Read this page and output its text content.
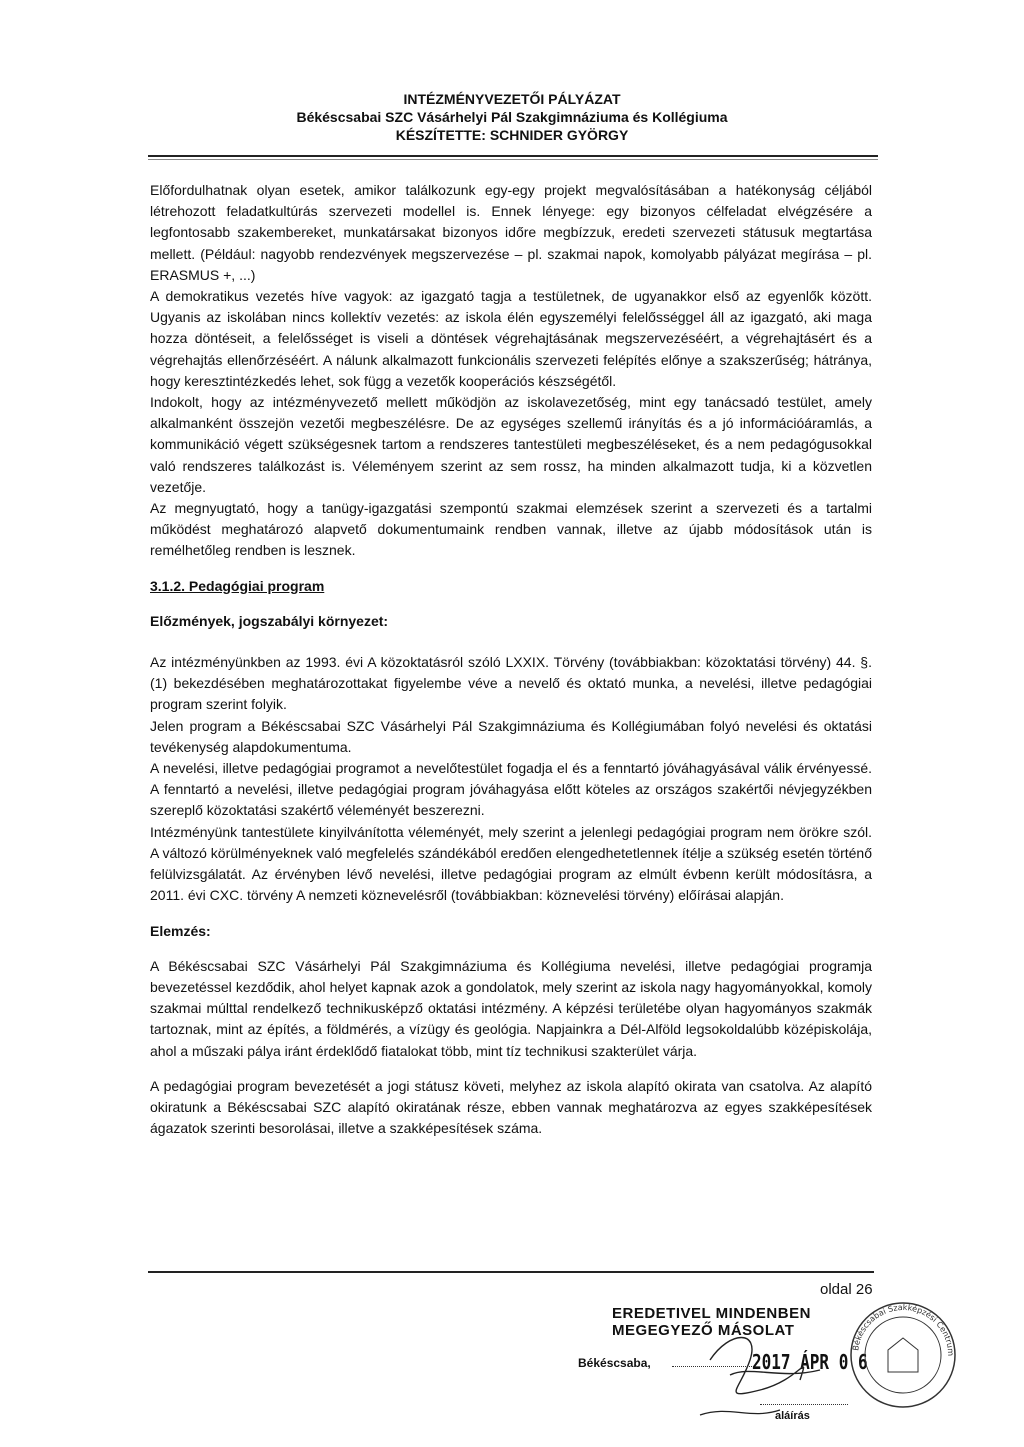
INTÉZMÉNYVEZETŐI PÁLYÁZAT
Békéscsabai SZC Vásárhelyi Pál Szakgimnáziuma és Kollégiuma
KÉSZÍTETTE: SCHNIDER GYÖRGY

Előfordulhatnak olyan esetek, amikor találkozunk egy-egy projekt megvalósításában a hatékonyság céljából létrehozott feladatkultúrás szervezeti modellel is. Ennek lényege: egy bizonyos célfeladat elvégzésére a legfontosabb szakembereket, munkatársakat bizonyos időre megbízzuk, eredeti szervezeti státusuk megtartása mellett. (Például: nagyobb rendezvények megszervezése – pl. szakmai napok, komolyabb pályázat megírása – pl. ERASMUS +, ...)

A demokratikus vezetés híve vagyok: az igazgató tagja a testületnek, de ugyanakkor első az egyenlők között. Ugyanis az iskolában nincs kollektív vezetés: az iskola élén egyszemélyi felelősséggel áll az igazgató, aki maga hozza döntéseit, a felelősséget is viseli a döntések végrehajtásának megszervezéséért, a végrehajtásért és a végrehajtás ellenőrzéséért. A nálunk alkalmazott funkcionális szervezeti felépítés előnye a szakszerűség; hátránya, hogy keresztintézkedés lehet, sok függ a vezetők kooperációs készségétől.

Indokolt, hogy az intézményvezető mellett működjön az iskolavezetőség, mint egy tanácsadó testület, amely alkalmanként összejön vezetői megbeszélésre. De az egységes szellemű irányítás és a jó információáramlás, a kommunikáció végett szükségesnek tartom a rendszeres tantestületi megbeszéléseket, és a nem pedagógusokkal való rendszeres találkozást is. Véleményem szerint az sem rossz, ha minden alkalmazott tudja, ki a közvetlen vezetője.

Az megnyugtató, hogy a tanügy-igazgatási szempontú szakmai elemzések szerint a szervezeti és a tartalmi működést meghatározó alapvető dokumentumaink rendben vannak, illetve az újabb módosítások után is remélhetőleg rendben is lesznek.

3.1.2. Pedagógiai program

Előzmények, jogszabályi környezet:

Az intézményünkben az 1993. évi A közoktatásról szóló LXXIX. Törvény (továbbiakban: közoktatási törvény) 44. §. (1) bekezdésében meghatározottakat figyelembe véve a nevelő és oktató munka, a nevelési, illetve pedagógiai program szerint folyik.

Jelen program a Békéscsabai SZC Vásárhelyi Pál Szakgimnáziuma és Kollégiumában folyó nevelési és oktatási tevékenység alapdokumentuma.

A nevelési, illetve pedagógiai programot a nevelőtestület fogadja el és a fenntartó jóváhagyásával válik érvényessé. A fenntartó a nevelési, illetve pedagógiai program jóváhagyása előtt köteles az országos szakértői névjegyzékben szereplő közoktatási szakértő véleményét beszerezni.

Intézményünk tantestülete kinyilvánította véleményét, mely szerint a jelenlegi pedagógiai program nem örökre szól. A változó körülményeknek való megfelelés szándékából eredően elengedhetetlennek ítélje a szükség esetén történő felülvizsgálatát. Az érvényben lévő nevelési, illetve pedagógiai program az elmúlt évbenn került módosításra, a 2011. évi CXC. törvény A nemzeti köznevelésről (továbbiakban: köznevelési törvény) előírásai alapján.

Elemzés:

A Békéscsabai SZC Vásárhelyi Pál Szakgimnáziuma és Kollégiuma nevelési, illetve pedagógiai programja bevezetéssel kezdődik, ahol helyet kapnak azok a gondolatok, mely szerint az iskola nagy hagyományokkal, komoly szakmai múlttal rendelkező technikusképző oktatási intézmény. A képzési területébe olyan hagyományos szakmák tartoznak, mint az építés, a földmérés, a vízügy és geológia. Napjainkra a Dél-Alföld legsokoldalúbb középiskolája, ahol a műszaki pálya iránt érdeklődő fiatalokat több, mint tíz technikusi szakterület várja.

A pedagógiai program bevezetését a jogi státusz követi, melyhez az iskola alapító okirata van csatolva. Az alapító okiratunk a Békéscsabai SZC alapító okiratának része, ebben vannak meghatározva az egyes szakképesítések ágazatok szerinti besorolásai, illetve a szakképesítések száma.

oldal 26
EREDETIVEL MINDENBEN
MEGEGYEZŐ MÁSOLAT
Békéscsaba,	2017 ÁPR 0 6
aláírás
Békéscsabai Szakképzési Centrum
